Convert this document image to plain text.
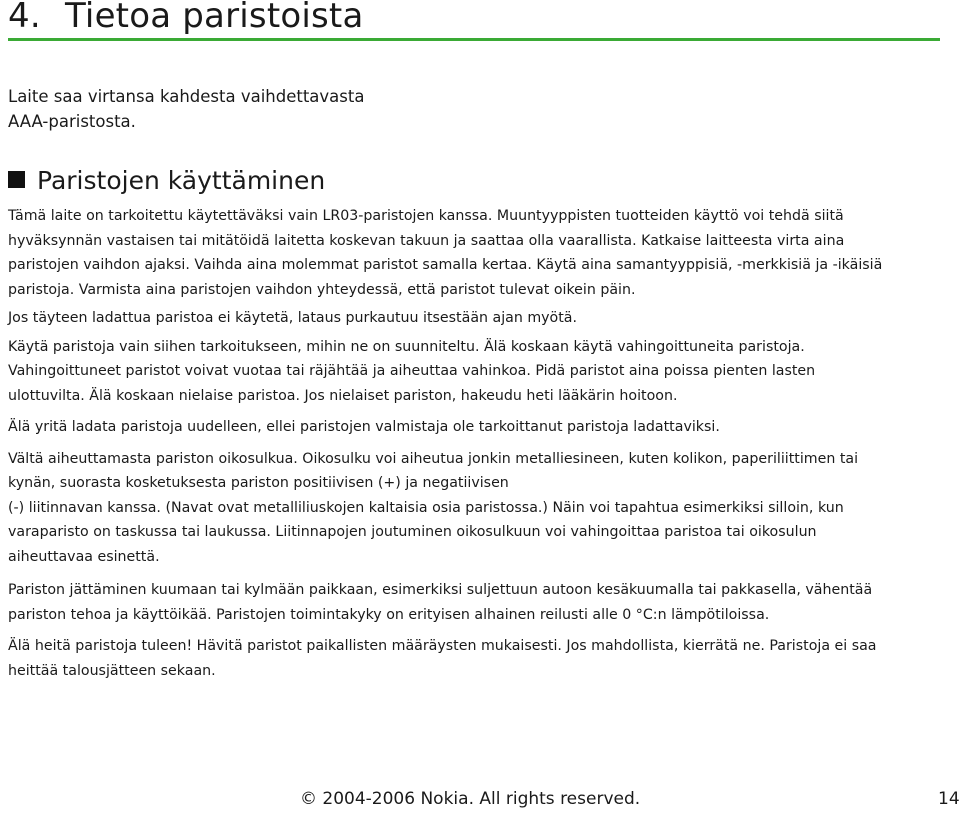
4. Tietoa paristoista
Laite saa virtansa kahdesta vaihdettavasta
AAA-paristosta.
Paristojen käyttäminen

Tämä laite on tarkoitettu käytettäväksi vain LR03-paristojen kanssa. Muuntyyppisten tuotteiden käyttö voi tehdä siitä
hyväksynnän vastaisen tai mitätöidä laitetta koskevan takuun ja saattaa olla vaarallista. Katkaise laitteesta virta aina
paristojen vaihdon ajaksi. Vaihda aina molemmat paristot samalla kertaa. Käytä aina samantyyppisiä, -merkkisiä ja -ikäisiä
paristoja. Varmista aina paristojen vaihdon yhteydessä, että paristot tulevat oikein päin.

Jos täyteen ladattua paristoa ei käytetä, lataus purkautuu itsestään ajan myötä.

Käytä paristoja vain siihen tarkoitukseen, mihin ne on suunniteltu. Älä koskaan käytä vahingoittuneita paristoja.
Vahingoittuneet paristot voivat vuotaa tai räjähtää ja aiheuttaa vahinkoa. Pidä paristot aina poissa pienten lasten
ulottuvilta. Älä koskaan nielaise paristoa. Jos nielaiset pariston, hakeudu heti lääkärin hoitoon.

Älä yritä ladata paristoja uudelleen, ellei paristojen valmistaja ole tarkoittanut paristoja ladattaviksi.

Vältä aiheuttamasta pariston oikosulkua. Oikosulku voi aiheutua jonkin metalliesineen, kuten kolikon, paperiliittimen tai
kynän, suorasta kosketuksesta pariston positiivisen (+) ja negatiivisen
(-) liitinnavan kanssa. (Navat ovat metalliliuskojen kaltaisia osia paristossa.) Näin voi tapahtua esimerkiksi silloin, kun
varaparisto on taskussa tai laukussa. Liitinnapojen joutuminen oikosulkuun voi vahingoittaa paristoa tai oikosulun
aiheuttavaa esinettä.

Pariston jättäminen kuumaan tai kylmään paikkaan, esimerkiksi suljettuun autoon kesäkuumalla tai pakkasella, vähentää
pariston tehoa ja käyttöikää. Paristojen toimintakyky on erityisen alhainen reilusti alle 0 °C:n lämpötiloissa.

Älä heitä paristoja tuleen! Hävitä paristot paikallisten määräysten mukaisesti. Jos mahdollista, kierrätä ne. Paristoja ei saa
heittää talousjätteen sekaan.

© 2004-2006 Nokia. All rights reserved.	14
